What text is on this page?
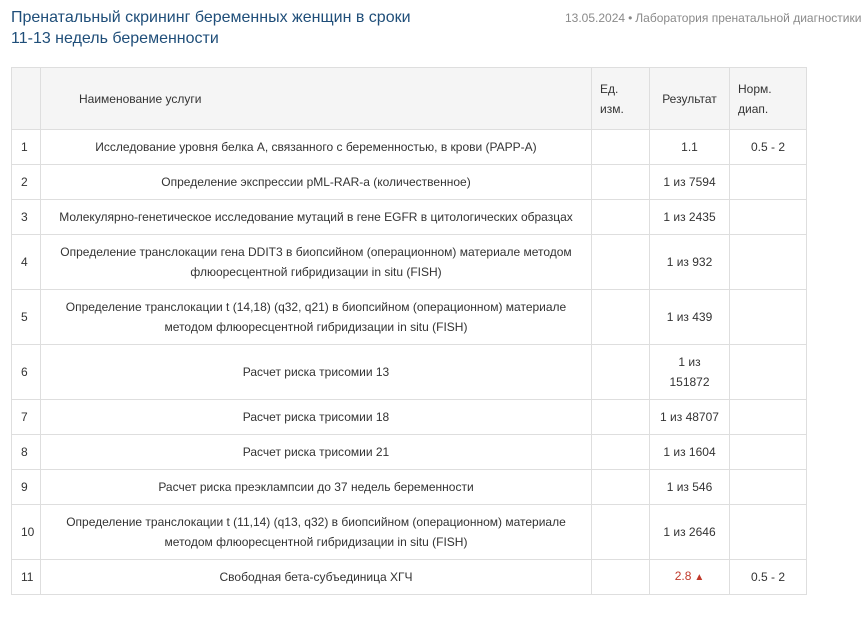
Пренатальный скрининг беременных женщин в сроки 11-13 недель беременности
13.05.2024 • Лаборатория пренатальной диагностики
	Наименование услуги	Ед. изм.	Результат	Норм. диап.
1	Исследование уровня белка А, связанного с беременностью, в крови (PAPP-A)		1.1	0.5 - 2
2	Определение экспрессии pML-RAR-a (количественное)		1 из 7594	
3	Молекулярно-генетическое исследование мутаций в гене EGFR в цитологических образцах		1 из 2435	
4	Определение транслокации гена DDIT3 в биопсийном (операционном) материале методом флюоресцентной гибридизации in situ (FISH)		1 из 932	
5	Определение транслокации t (14,18) (q32, q21) в биопсийном (операционном) материале методом флюоресцентной гибридизации in situ (FISH)		1 из 439	
6	Расчет риска трисомии 13		1 из 151872	
7	Расчет риска трисомии 18		1 из 48707	
8	Расчет риска трисомии 21		1 из 1604	
9	Расчет риска преэклампсии до 37 недель беременности		1 из 546	
10	Определение транслокации t (11,14) (q13, q32) в биопсийном (операционном) материале методом флюоресцентной гибридизации in situ (FISH)		1 из 2646	
11	Свободная бета-субъединица ХГЧ		2.8 ▲	0.5 - 2
